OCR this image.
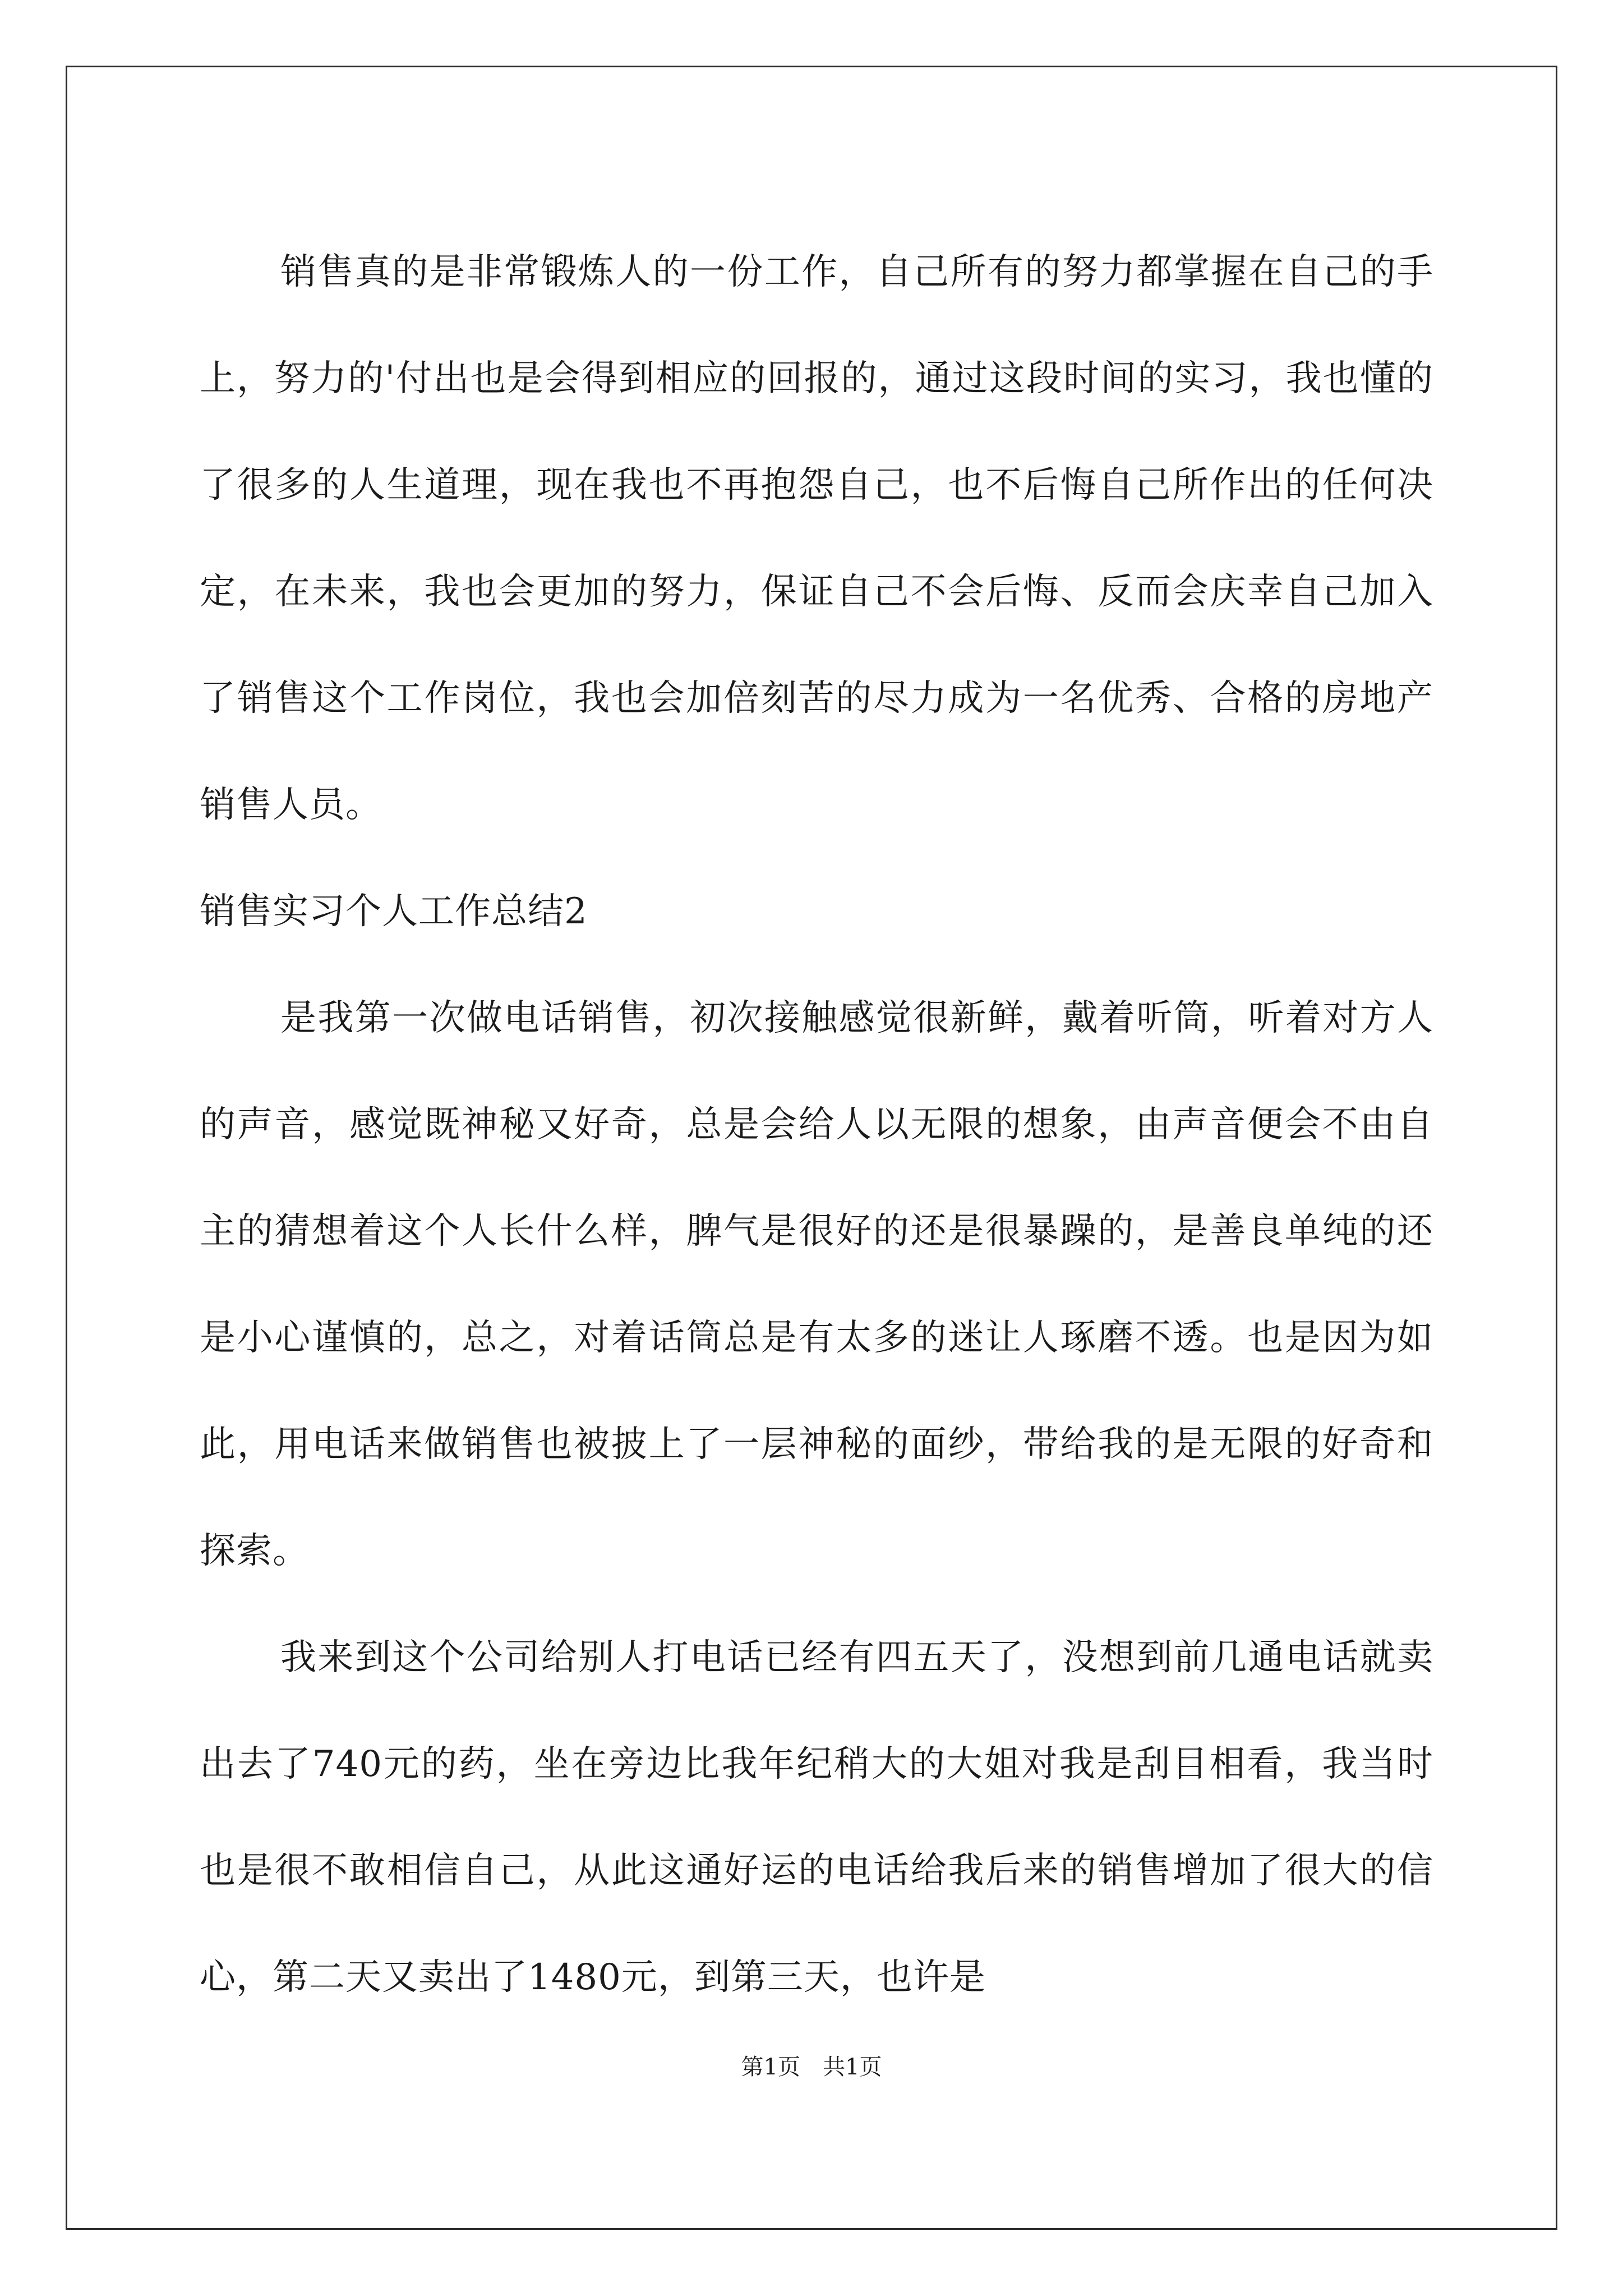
销售真的是非常锻炼人的一份工作，自己所有的努力都掌握在自己的手上，努力的'付出也是会得到相应的回报的，通过这段时间的实习，我也懂的了很多的人生道理，现在我也不再抱怨自己，也不后悔自己所作出的任何决定，在未来，我也会更加的努力，保证自己不会后悔、反而会庆幸自己加入了销售这个工作岗位，我也会加倍刻苦的尽力成为一名优秀、合格的房地产销售人员。

销售实习个人工作总结2

是我第一次做电话销售，初次接触感觉很新鲜，戴着听筒，听着对方人的声音，感觉既神秘又好奇，总是会给人以无限的想象，由声音便会不由自主的猜想着这个人长什么样，脾气是很好的还是很暴躁的，是善良单纯的还是小心谨慎的，总之，对着话筒总是有太多的迷让人琢磨不透。也是因为如此，用电话来做销售也被披上了一层神秘的面纱，带给我的是无限的好奇和探索。

我来到这个公司给别人打电话已经有四五天了，没想到前几通电话就卖出去了740元的药，坐在旁边比我年纪稍大的大姐对我是刮目相看，我当时也是很不敢相信自己，从此这通好运的电话给我后来的销售增加了很大的信心，第二天又卖出了1480元，到第三天，也许是

第1页　共1页
